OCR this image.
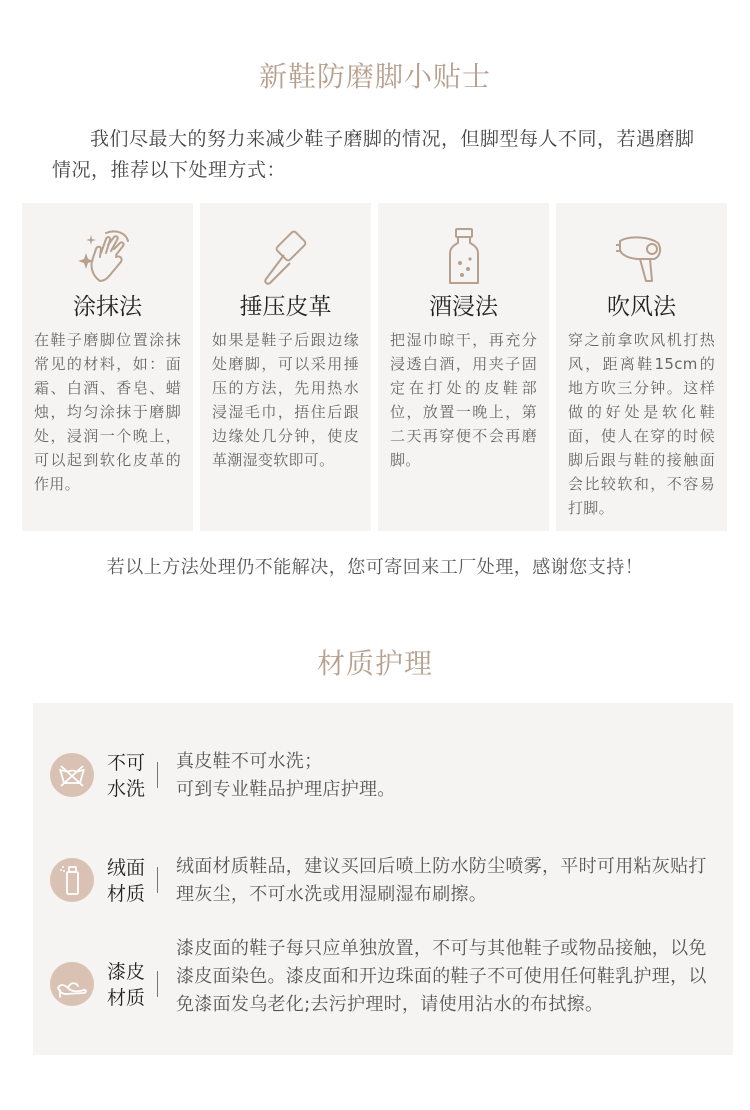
新鞋防磨脚小贴士
我们尽最大的努力来减少鞋子磨脚的情况，但脚型每人不同，若遇磨脚情况，推荐以下处理方式：
涂抹法
在鞋子磨脚位置涂抹常见的材料，如：面霜、白酒、香皂、蜡烛，均匀涂抹于磨脚处，浸润一个晚上，可以起到软化皮革的作用。
捶压皮革
如果是鞋子后跟边缘处磨脚，可以采用捶压的方法，先用热水浸湿毛巾，捂住后跟边缘处几分钟，使皮革潮湿变软即可。
酒浸法
把湿巾晾干，再充分浸透白酒，用夹子固定在打处的皮鞋部位，放置一晚上，第二天再穿便不会再磨脚。
吹风法
穿之前拿吹风机打热风，距离鞋15cm的地方吹三分钟。这样做的好处是软化鞋面，使人在穿的时候脚后跟与鞋的接触面会比较软和，不容易打脚。
若以上方法处理仍不能解决，您可寄回来工厂处理，感谢您支持！
材质护理
不可
水洗
真皮鞋不可水洗；
可到专业鞋品护理店护理。
绒面
材质
绒面材质鞋品，建议买回后喷上防水防尘喷雾，平时可用粘灰贴打理灰尘，不可水洗或用湿刷湿布刷擦。
漆皮
材质
漆皮面的鞋子每只应单独放置，不可与其他鞋子或物品接触，以免漆皮面染色。漆皮面和开边珠面的鞋子不可使用任何鞋乳护理，以免漆面发乌老化;去污护理时，请使用沾水的布拭擦。
